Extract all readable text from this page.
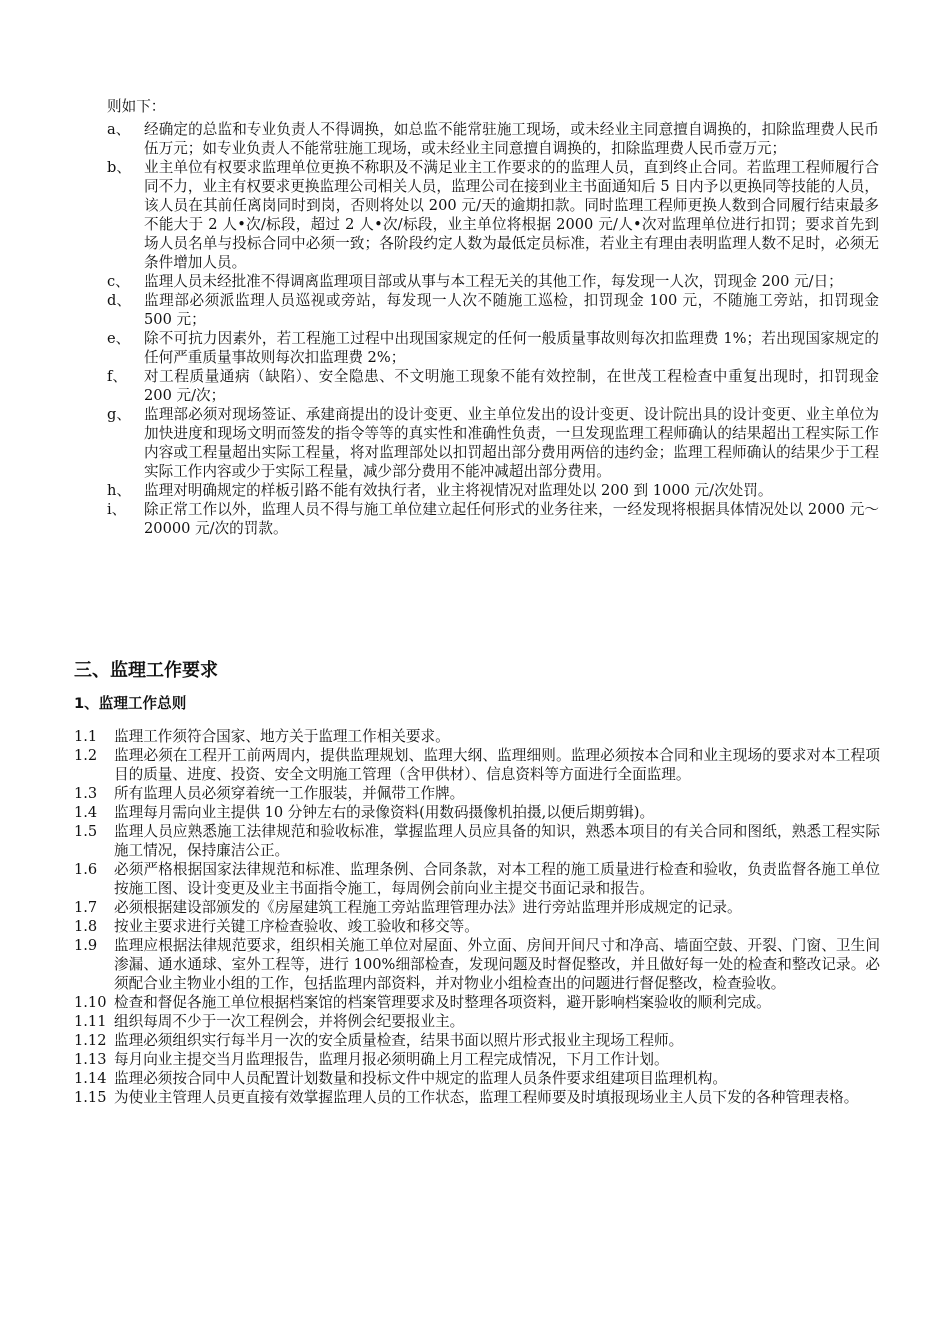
则如下：
a、 经确定的总监和专业负责人不得调换，如总监不能常驻施工现场，或未经业主同意擅自调换的，扣除监理费人民币伍万元；如专业负责人不能常驻施工现场，或未经业主同意擅自调换的，扣除监理费人民币壹万元；
b、 业主单位有权要求监理单位更换不称职及不满足业主工作要求的的监理人员，直到终止合同。若监理工程师履行合同不力，业主有权要求更换监理公司相关人员，监理公司在接到业主书面通知后 5 日内予以更换同等技能的人员，该人员在其前任离岗同时到岗，否则将处以 200 元/天的逾期扣款。同时监理工程师更换人数到合同履行结束最多不能大于 2 人•次/标段，超过 2 人•次/标段，业主单位将根据 2000 元/人•次对监理单位进行扣罚；要求首先到场人员名单与投标合同中必须一致；各阶段约定人数为最低定员标准，若业主有理由表明监理人数不足时，必须无条件增加人员。
c、 监理人员未经批准不得调离监理项目部或从事与本工程无关的其他工作，每发现一人次，罚现金 200 元/日；
d、 监理部必须派监理人员巡视或旁站，每发现一人次不随施工巡检，扣罚现金 100 元，不随施工旁站，扣罚现金 500 元；
e、 除不可抗力因素外，若工程施工过程中出现国家规定的任何一般质量事故则每次扣监理费 1%；若出现国家规定的任何严重质量事故则每次扣监理费 2%；
f、	对工程质量通病（缺陷）、安全隐患、不文明施工现象不能有效控制，在世茂工程检查中重复出现时，扣罚现金 200 元/次；
g、 监理部必须对现场签证、承建商提出的设计变更、业主单位发出的设计变更、设计院出具的设计变更、业主单位为加快进度和现场文明而签发的指令等等的真实性和准确性负责，一旦发现监理工程师确认的结果超出工程实际工作内容或工程量超出实际工程量，将对监理部处以扣罚超出部分费用两倍的违约金；监理工程师确认的结果少于工程实际工作内容或少于实际工程量，减少部分费用不能冲减超出部分费用。
h、 监理对明确规定的样板引路不能有效执行者，业主将视情况对监理处以 200 到 1000 元/次处罚。
i、	除正常工作以外，监理人员不得与施工单位建立起任何形式的业务往来，一经发现将根据具体情况处以 2000 元～20000 元/次的罚款。
三、监理工作要求
1、监理工作总则
1.1	监理工作须符合国家、地方关于监理工作相关要求。
1.2	监理必须在工程开工前两周内，提供监理规划、监理大纲、监理细则。监理必须按本合同和业主现场的要求对本工程项目的质量、进度、投资、安全文明施工管理（含甲供材）、信息资料等方面进行全面监理。
1.3	所有监理人员必须穿着统一工作服装，并佩带工作牌。
1.4	监理每月需向业主提供 10 分钟左右的录像资料(用数码摄像机拍摄,以便后期剪辑)。
1.5	监理人员应熟悉施工法律规范和验收标准，掌握监理人员应具备的知识，熟悉本项目的有关合同和图纸，熟悉工程实际施工情况，保持廉洁公正。
1.6	必须严格根据国家法律规范和标准、监理条例、合同条款，对本工程的施工质量进行检查和验收，负责监督各施工单位按施工图、设计变更及业主书面指令施工，每周例会前向业主提交书面记录和报告。
1.7	必须根据建设部颁发的《房屋建筑工程施工旁站监理管理办法》进行旁站监理并形成规定的记录。
1.8	按业主要求进行关键工序检查验收、竣工验收和移交等。
1.9	监理应根据法律规范要求，组织相关施工单位对屋面、外立面、房间开间尺寸和净高、墙面空鼓、开裂、门窗、卫生间渗漏、通水通球、室外工程等，进行 100%细部检查，发现问题及时督促整改，并且做好每一处的检查和整改记录。必须配合业主物业小组的工作，包括监理内部资料，并对物业小组检查出的问题进行督促整改，检查验收。
1.10 检查和督促各施工单位根据档案馆的档案管理要求及时整理各项资料，避开影响档案验收的顺利完成。
1.11 组织每周不少于一次工程例会，并将例会纪要报业主。
1.12 监理必须组织实行每半月一次的安全质量检查，结果书面以照片形式报业主现场工程师。
1.13 每月向业主提交当月监理报告，监理月报必须明确上月工程完成情况，下月工作计划。
1.14 监理必须按合同中人员配置计划数量和投标文件中规定的监理人员条件要求组建项目监理机构。
1.15 为使业主管理人员更直接有效掌握监理人员的工作状态，监理工程师要及时填报现场业主人员下发的各种管理表格。
